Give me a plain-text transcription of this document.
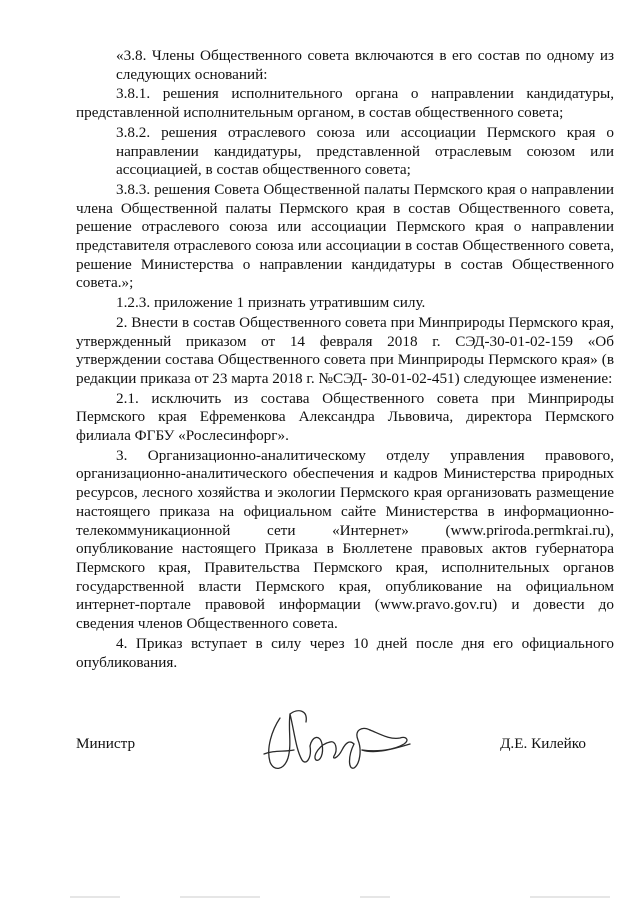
«3.8. Члены Общественного совета включаются в его состав по одному из следующих оснований:

3.8.1. решения исполнительного органа о направлении кандидатуры, представленной исполнительным органом, в состав общественного совета;

3.8.2. решения отраслевого союза или ассоциации Пермского края о направлении кандидатуры, представленной отраслевым союзом или ассоциацией, в состав общественного совета;

3.8.3. решения Совета Общественной палаты Пермского края о направлении члена Общественной палаты Пермского края в состав Общественного совета, решение отраслевого союза или ассоциации Пермского края о направлении представителя отраслевого союза или ассоциации в состав Общественного совета, решение Министерства о направлении кандидатуры в состав Общественного совета.»;

1.2.3. приложение 1 признать утратившим силу.

2. Внести в состав Общественного совета при Минприроды Пермского края, утвержденный приказом от 14 февраля 2018 г. СЭД-30-01-02-159 «Об утверждении состава Общественного совета при Минприроды Пермского края» (в редакции приказа от 23 марта 2018 г. №СЭД- 30-01-02-451) следующее изменение:

2.1. исключить из состава Общественного совета при Минприроды Пермского края Ефременкова Александра Львовича, директора Пермского филиала ФГБУ «Рослесинфорг».

3. Организационно-аналитическому отделу управления правового, организационно-аналитического обеспечения и кадров Министерства природных ресурсов, лесного хозяйства и экологии Пермского края организовать размещение настоящего приказа на официальном сайте Министерства в информационно-телекоммуникационной сети «Интернет» (www.priroda.permkrai.ru), опубликование настоящего Приказа в Бюллетене правовых актов губернатора Пермского края, Правительства Пермского края, исполнительных органов государственной власти Пермского края, опубликование на официальном интернет-портале правовой информации (www.pravo.gov.ru) и довести до сведения членов Общественного совета.

4. Приказ вступает в силу через 10 дней после дня его официального опубликования.

Министр	Д.Е. Килейко
